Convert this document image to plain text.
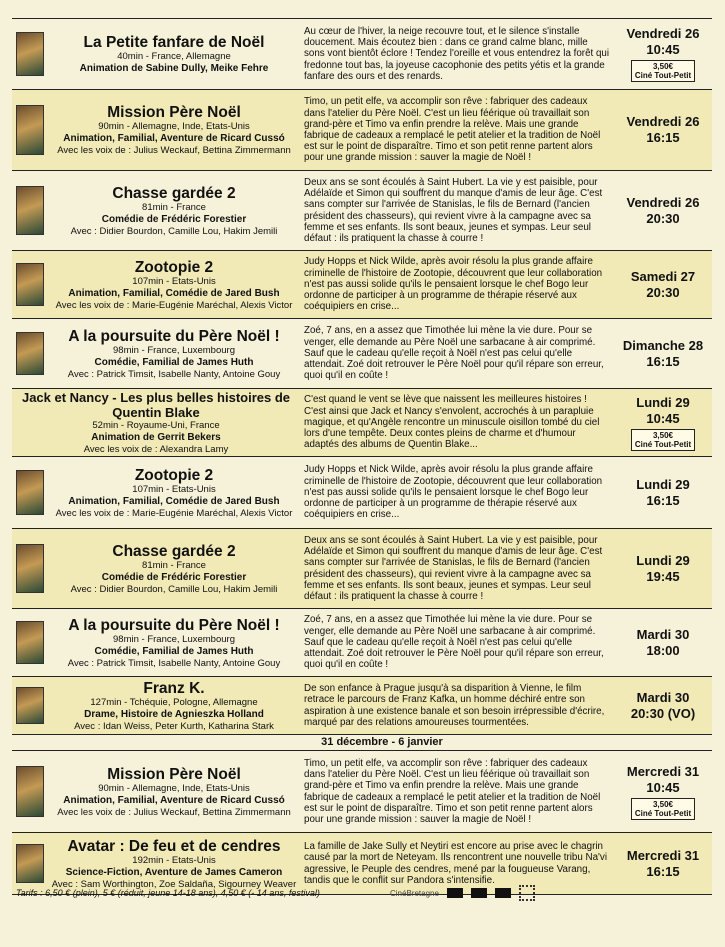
La Petite fanfare de Noël
40min - France, Allemagne
Animation de Sabine Dully, Meike Fehre
Au cœur de l'hiver, la neige recouvre tout, et le silence s'installe doucement. Mais écoutez bien : dans ce grand calme blanc, mille sons vont bientôt éclore ! Tendez l'oreille et vous entendrez la forêt qui fredonne tout bas, la joyeuse cacophonie des petits yétis et la grande fanfare des ours et des renards.
Vendredi 26
10:45
3,50€
Ciné Tout-Petit
Mission Père Noël
90min - Allemagne, Inde, Etats-Unis
Animation, Familial, Aventure de Ricard Cussó
Avec les voix de : Julius Weckauf, Bettina Zimmermann
Timo, un petit elfe, va accomplir son rêve : fabriquer des cadeaux dans l'atelier du Père Noël. C'est un lieu féérique où travaillait son grand-père et Timo va enfin prendre la relève. Mais une grande fabrique de cadeaux a remplacé le petit atelier et la tradition de Noël est sur le point de disparaître. Timo et son petit renne partent alors pour une grande mission : sauver la magie de Noël !
Vendredi 26
16:15
Chasse gardée 2
81min - France
Comédie de Frédéric Forestier
Avec : Didier Bourdon, Camille Lou, Hakim Jemili
Deux ans se sont écoulés à Saint Hubert. La vie y est paisible, pour Adélaïde et Simon qui souffrent du manque d'amis de leur âge. C'est sans compter sur l'arrivée de Stanislas, le fils de Bernard (l'ancien président des chasseurs), qui revient vivre à la campagne avec sa femme et ses enfants. Ils sont beaux, jeunes et sympas. Leur seul défaut : ils pratiquent la chasse à courre !
Vendredi 26
20:30
Zootopie 2
107min - Etats-Unis
Animation, Familial, Comédie de Jared Bush
Avec les voix de : Marie-Eugénie Maréchal, Alexis Victor
Judy Hopps et Nick Wilde, après avoir résolu la plus grande affaire criminelle de l'histoire de Zootopie, découvrent que leur collaboration n'est pas aussi solide qu'ils le pensaient lorsque le chef Bogo leur ordonne de participer à un programme de thérapie réservé aux coéquipiers en crise...
Samedi 27
20:30
A la poursuite du Père Noël !
98min - France, Luxembourg
Comédie, Familial de James Huth
Avec : Patrick Timsit, Isabelle Nanty, Antoine Gouy
Zoé, 7 ans, en a assez que Timothée lui mène la vie dure. Pour se venger, elle demande au Père Noël une sarbacane à air comprimé. Sauf que le cadeau qu'elle reçoit à Noël n'est pas celui qu'elle attendait. Zoé doit retrouver le Père Noël pour qu'il répare son erreur, quoi qu'il en coûte !
Dimanche 28
16:15
Jack et Nancy - Les plus belles histoires de Quentin Blake
52min - Royaume-Uni, France
Animation de Gerrit Bekers
Avec les voix de : Alexandra Lamy
C'est quand le vent se lève que naissent les meilleures histoires ! C'est ainsi que Jack et Nancy s'envolent, accrochés à un parapluie magique, et qu'Angèle rencontre un minuscule oisillon tombé du ciel lors d'une tempête. Deux contes pleins de charme et d'humour adaptés des albums de Quentin Blake...
Lundi 29
10:45
3,50€
Ciné Tout-Petit
Zootopie 2
107min - Etats-Unis
Animation, Familial, Comédie de Jared Bush
Avec les voix de : Marie-Eugénie Maréchal, Alexis Victor
Judy Hopps et Nick Wilde, après avoir résolu la plus grande affaire criminelle de l'histoire de Zootopie, découvrent que leur collaboration n'est pas aussi solide qu'ils le pensaient lorsque le chef Bogo leur ordonne de participer à un programme de thérapie réservé aux coéquipiers en crise...
Lundi 29
16:15
Chasse gardée 2
81min - France
Comédie de Frédéric Forestier
Avec : Didier Bourdon, Camille Lou, Hakim Jemili
Deux ans se sont écoulés à Saint Hubert. La vie y est paisible, pour Adélaïde et Simon qui souffrent du manque d'amis de leur âge. C'est sans compter sur l'arrivée de Stanislas, le fils de Bernard (l'ancien président des chasseurs), qui revient vivre à la campagne avec sa femme et ses enfants. Ils sont beaux, jeunes et sympas. Leur seul défaut : ils pratiquent la chasse à courre !
Lundi 29
19:45
A la poursuite du Père Noël !
98min - France, Luxembourg
Comédie, Familial de James Huth
Avec : Patrick Timsit, Isabelle Nanty, Antoine Gouy
Zoé, 7 ans, en a assez que Timothée lui mène la vie dure. Pour se venger, elle demande au Père Noël une sarbacane à air comprimé. Sauf que le cadeau qu'elle reçoit à Noël n'est pas celui qu'elle attendait. Zoé doit retrouver le Père Noël pour qu'il répare son erreur, quoi qu'il en coûte !
Mardi 30
18:00
Franz K.
127min - Tchéquie, Pologne, Allemagne
Drame, Histoire de Agnieszka Holland
Avec : Idan Weiss, Peter Kurth, Katharina Stark
De son enfance à Prague jusqu'à sa disparition à Vienne, le film retrace le parcours de Franz Kafka, un homme déchiré entre son aspiration à une existence banale et son besoin irrépressible d'écrire, marqué par des relations amoureuses tourmentées.
Mardi 30
20:30 (VO)
31 décembre - 6 janvier
Mission Père Noël
90min - Allemagne, Inde, Etats-Unis
Animation, Familial, Aventure de Ricard Cussó
Avec les voix de : Julius Weckauf, Bettina Zimmermann
Timo, un petit elfe, va accomplir son rêve : fabriquer des cadeaux dans l'atelier du Père Noël. C'est un lieu féérique où travaillait son grand-père et Timo va enfin prendre la relève. Mais une grande fabrique de cadeaux a remplacé le petit atelier et la tradition de Noël est sur le point de disparaître. Timo et son petit renne partent alors pour une grande mission : sauver la magie de Noël !
Mercredi 31
10:45
3,50€
Ciné Tout-Petit
Avatar : De feu et de cendres
192min - Etats-Unis
Science-Fiction, Aventure de James Cameron
Avec : Sam Worthington, Zoe Saldaña, Sigourney Weaver
La famille de Jake Sully et Neytiri est encore au prise avec le chagrin causé par la mort de Neteyam. Ils rencontrent une nouvelle tribu Na'vi agressive, le Peuple des cendres, mené par la fougueuse Varang, tandis que le conflit sur Pandora s'intensifie.
Mercredi 31
16:15
Tarifs : 6,50 € (plein), 5 € (réduit, jeune 14-18 ans), 4,50 € (- 14 ans, festival)	CinéBretagne
